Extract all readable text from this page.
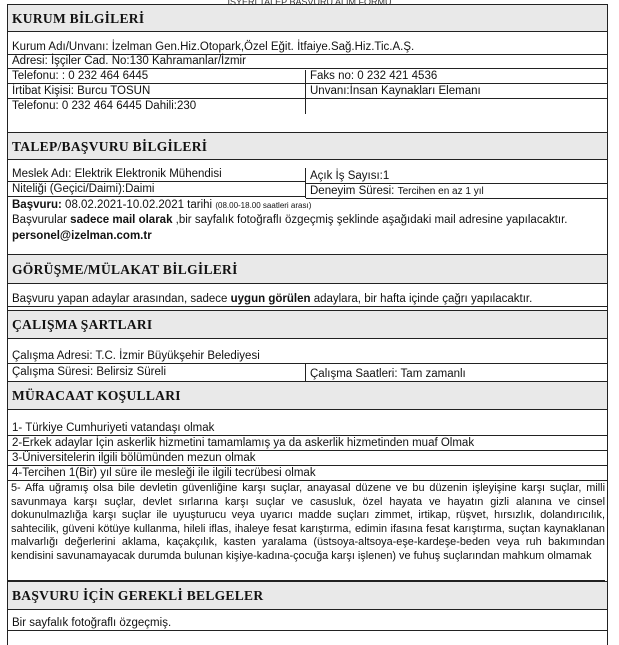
KURUM BİLGİLERİ
Kurum Adı/Unvanı: İzelman Gen.Hiz.Otopark,Özel Eğit. İtfaiye.Sağ.Hiz.Tic.A.Ş.
Adresi: İşçiler Cad. No:130 Kahramanlar/İzmir
Telefonu: : 0 232 464 6445	Faks no: 0 232 421 4536
İrtibat Kişisi: Burcu TOSUN	Unvanı:İnsan Kaynakları Elemanı
Telefonu: 0 232 464 6445 Dahili:230
TALEP/BAŞVURU BİLGİLERİ
Meslek Adı: Elektrik Elektronik Mühendisi	Açık İş Sayısı:1
Niteliği (Geçici/Daimi):Daimi	Deneyim Süresi: Tercihen en az 1 yıl
Başvuru: 08.02.2021-10.02.2021 tarihi (08.00-18.00 saatleri arası)
Başvurular sadece mail olarak ,bir sayfalık fotoğraflı özgeçmiş şeklinde aşağıdaki mail adresine yapılacaktır.
personel@izelman.com.tr
GÖRÜŞME/MÜLAKAT BİLGİLERİ
Başvuru yapan adaylar arasından, sadece uygun görülen adaylara, bir hafta içinde çağrı yapılacaktır.
ÇALIŞMA ŞARTLARI
Çalışma Adresi: T.C. İzmir Büyükşehir Belediyesi
Çalışma Süresi: Belirsiz Süreli	Çalışma Saatleri: Tam zamanlı
MÜRACAAT KOŞULLARI
1- Türkiye Cumhuriyeti vatandaşı olmak
2-Erkek adaylar İçin askerlik hizmetini tamamlamış ya da askerlik hizmetinden muaf Olmak
3-Üniversitelerin ilgili bölümünden mezun olmak
4-Tercihen 1(Bir) yıl süre ile mesleği ile ilgili tecrübesi olmak
5- Affa uğramış olsa bile devletin güvenliğine karşı suçlar, anayasal düzene ve bu düzenin işleyişine karşı suçlar, milli savunmaya karşı suçlar, devlet sırlarına karşı suçlar ve casusluk, özel hayata ve hayatın gizli alanına ve cinsel dokunulmazlığa karşı suçlar ile uyuşturucu veya uyarıcı madde suçları zimmet, irtikap, rüşvet, hırsızlık, dolandırıcılık, sahtecilik, güveni kötüye kullanma, hileli iflas, ihaleye fesat karıştırma, edimin ifasına fesat karıştırma, suçtan kaynaklanan malvarlığı değerlerini aklama, kaçakçılık, kasten yaralama (üstsoya-altsoya-eşe-kardeşe-beden veya ruh bakımından kendisini savunamayacak durumda bulunan kişiye-kadına-çocuğa karşı işlenen) ve fuhuş suçlarından mahkum olmamak
BAŞVURU İÇİN GEREKLİ BELGELER
Bir sayfalık fotoğraflı özgeçmiş.
